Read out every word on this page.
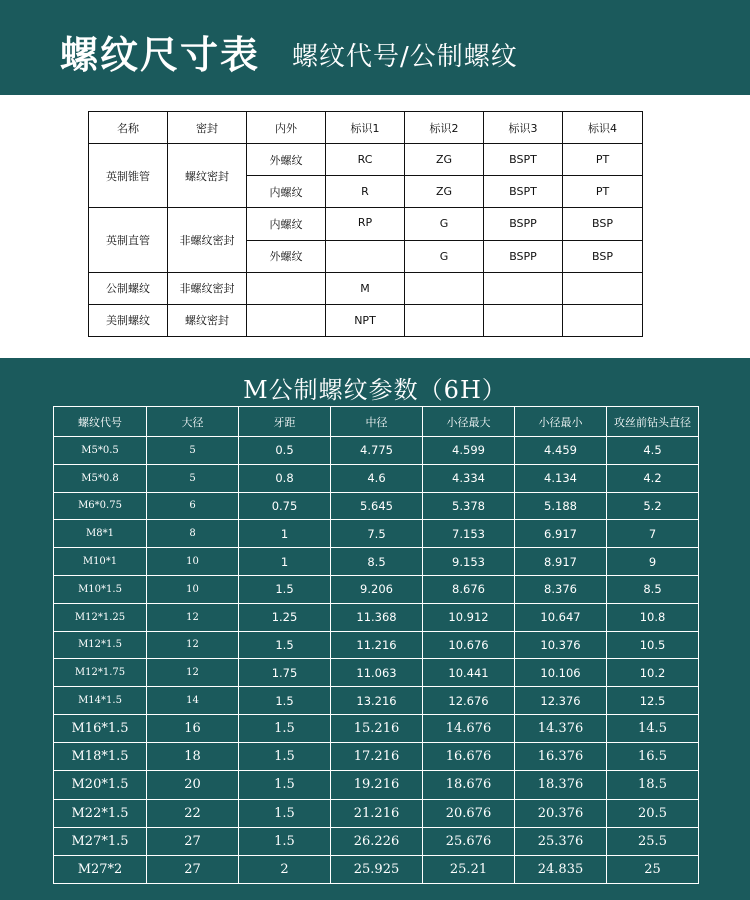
螺纹尺寸表 螺纹代号/公制螺纹
名称	密封	内外	标识1	标识2	标识3	标识4
英制锥管	螺纹密封	外螺纹	RC	ZG	BSPT	PT
		内螺纹	R	ZG	BSPT	PT
英制直管	非螺纹密封	内螺纹	RP	G	BSPP	BSP
		外螺纹		G	BSPP	BSP
公制螺纹	非螺纹密封		M			
美制螺纹	螺纹密封		NPT			
M公制螺纹参数（6H）
螺纹代号	大径	牙距	中径	小径最大	小径最小	攻丝前钻头直径
M5*0.5	5	0.5	4.775	4.599	4.459	4.5
M5*0.8	5	0.8	4.6	4.334	4.134	4.2
M6*0.75	6	0.75	5.645	5.378	5.188	5.2
M8*1	8	1	7.5	7.153	6.917	7
M10*1	10	1	8.5	9.153	8.917	9
M10*1.5	10	1.5	9.206	8.676	8.376	8.5
M12*1.25	12	1.25	11.368	10.912	10.647	10.8
M12*1.5	12	1.5	11.216	10.676	10.376	10.5
M12*1.75	12	1.75	11.063	10.441	10.106	10.2
M14*1.5	14	1.5	13.216	12.676	12.376	12.5
M16*1.5	16	1.5	15.216	14.676	14.376	14.5
M18*1.5	18	1.5	17.216	16.676	16.376	16.5
M20*1.5	20	1.5	19.216	18.676	18.376	18.5
M22*1.5	22	1.5	21.216	20.676	20.376	20.5
M27*1.5	27	1.5	26.226	25.676	25.376	25.5
M27*2	27	2	25.925	25.21	24.835	25
